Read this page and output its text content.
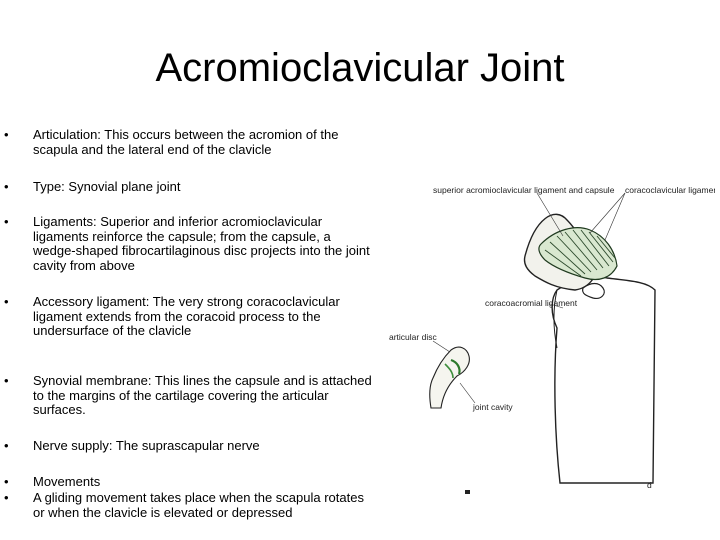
Acromioclavicular Joint
• Articulation: This occurs between the acromion of the scapula and the lateral end of the clavicle
• Type: Synovial plane joint
• Ligaments: Superior and inferior acromioclavicular ligaments reinforce the capsule; from the capsule, a wedge-shaped fibrocartilaginous disc projects into the joint cavity from above
• Accessory ligament: The very strong coracoclavicular ligament extends from the coracoid process to the undersurface of the clavicle
• Synovial membrane: This lines the capsule and is attached to the margins of the cartilage covering the articular surfaces.
• Nerve supply: The suprascapular nerve
• Movements
• A gliding movement takes place when the scapula rotates or when the clavicle is elevated or depressed
superior acromioclavicular ligament and capsule coracoclavicular ligament
coracoacromial ligament
articular disc
joint cavity
d
